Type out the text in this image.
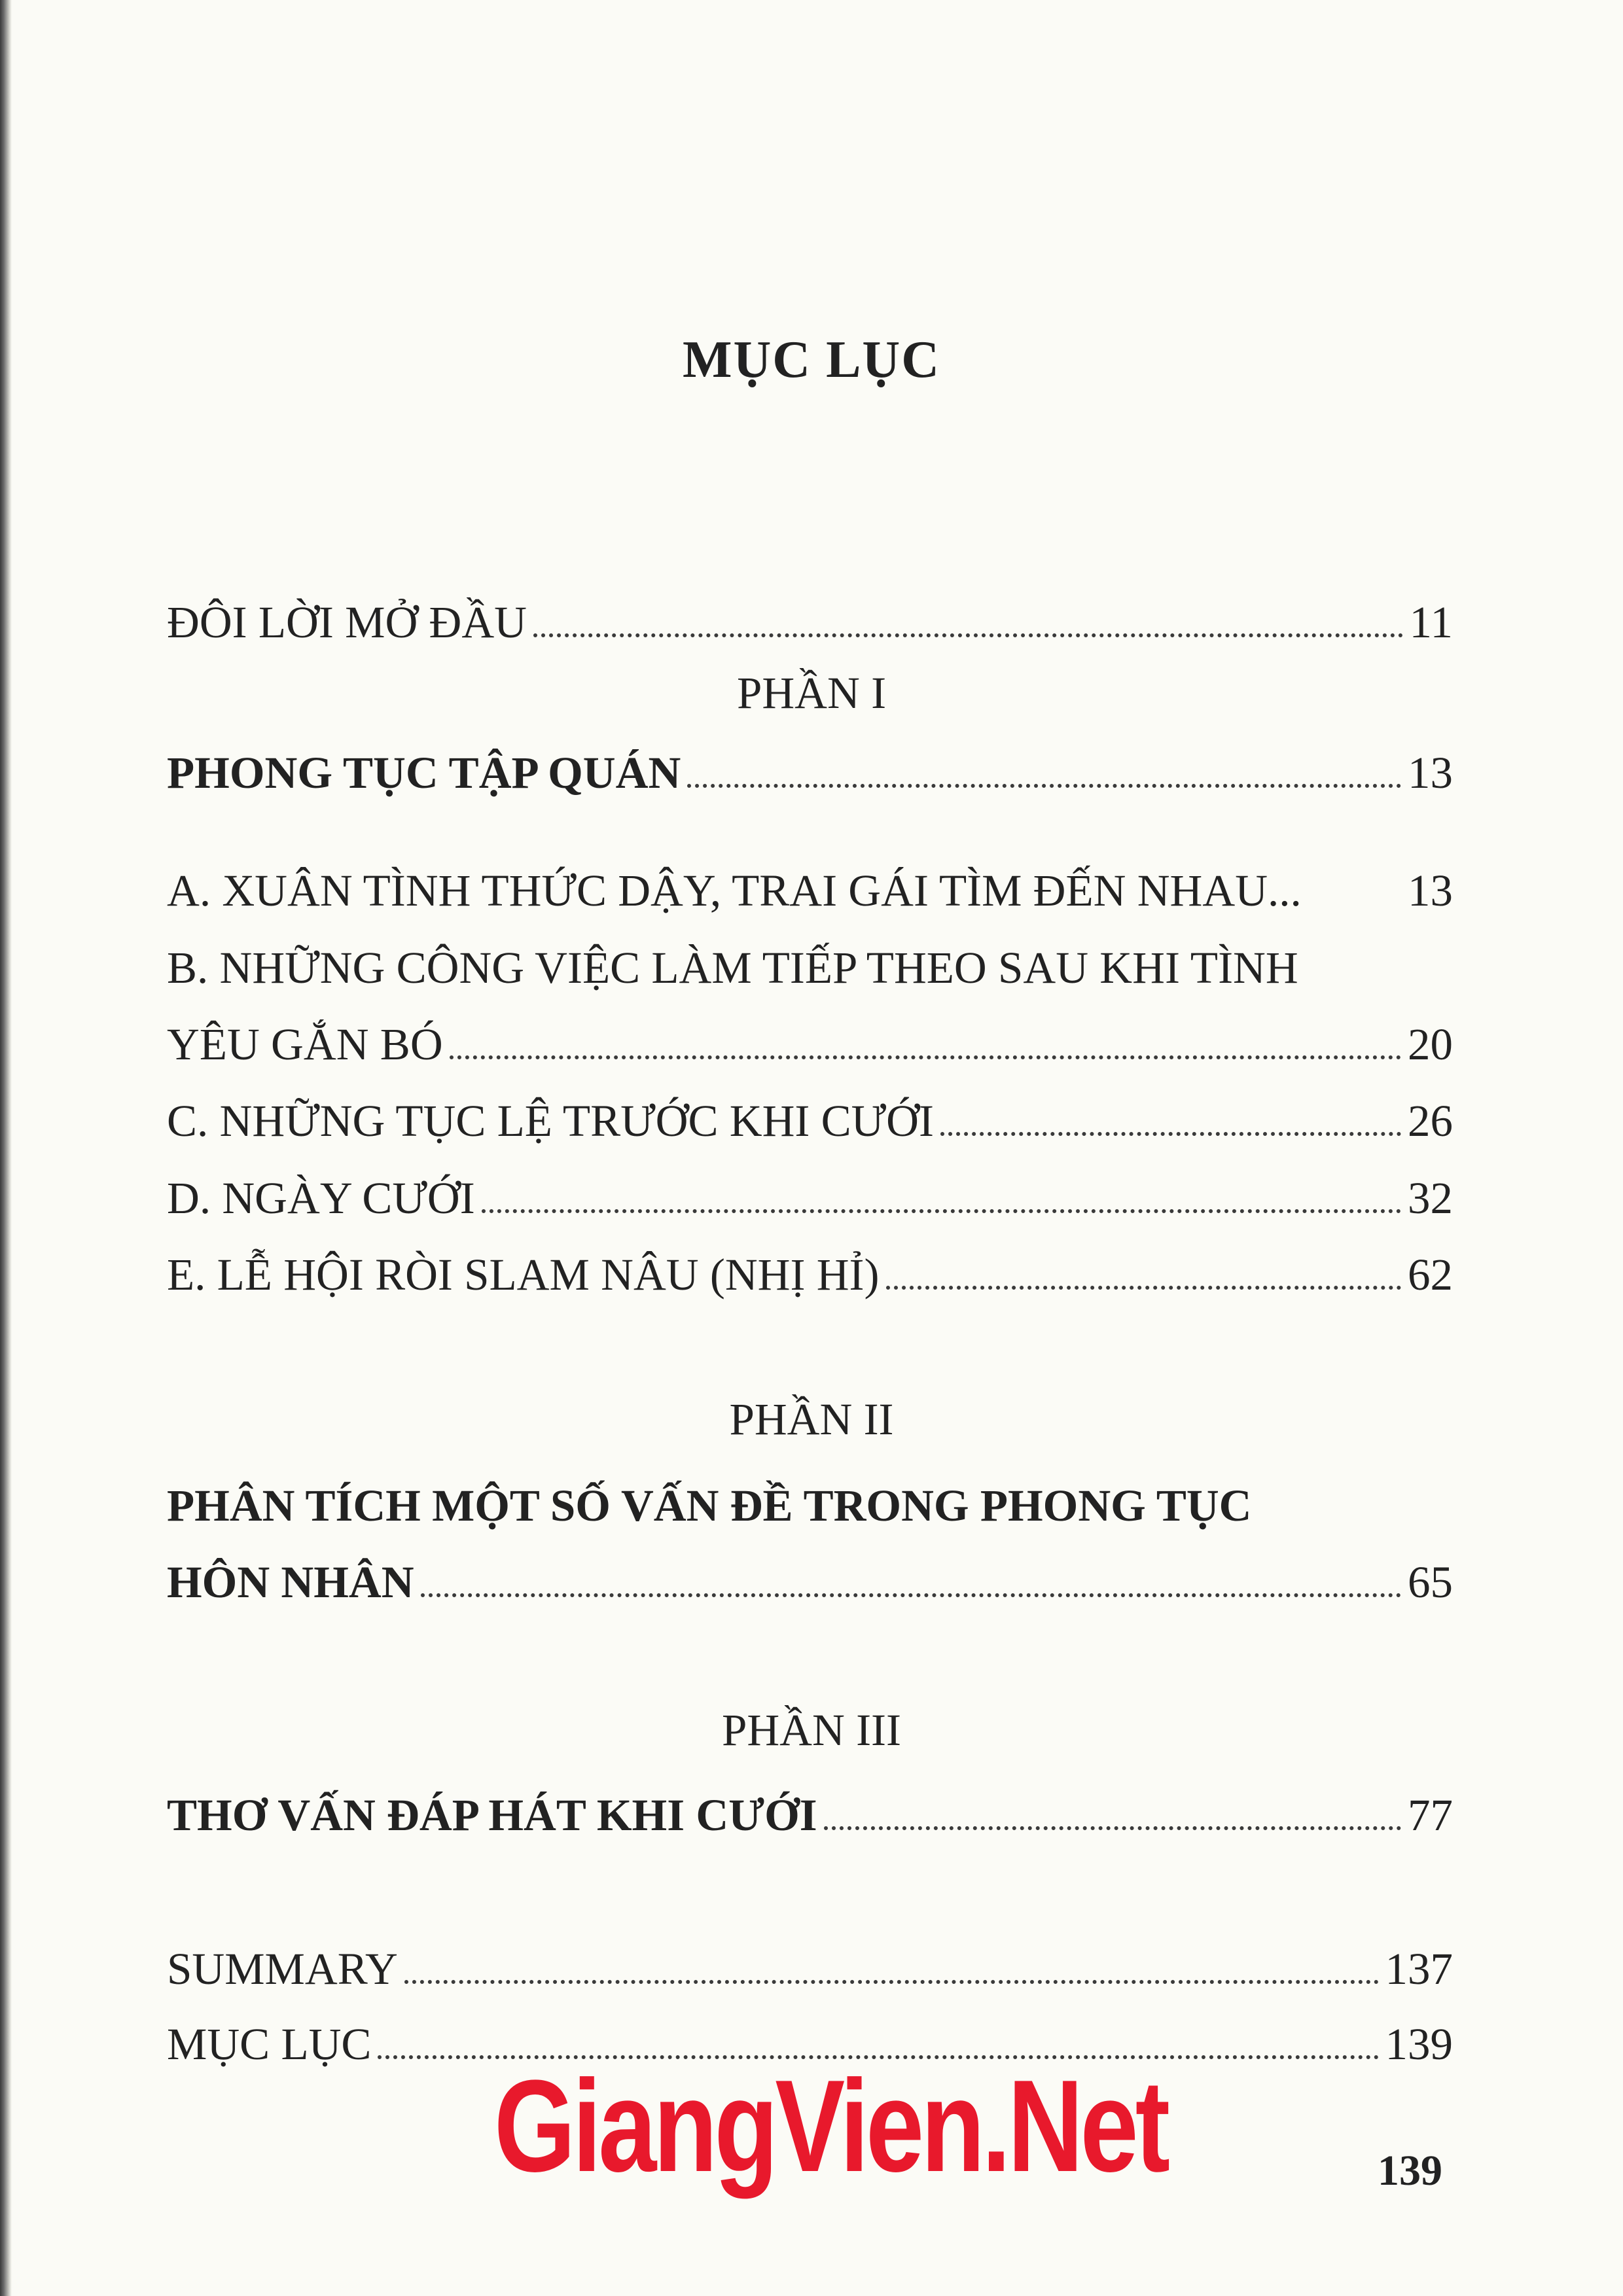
MỤC LỤC
ĐÔI LỜI MỞ ĐẦU	11
PHẦN I
PHONG TỤC TẬP QUÁN	13
A. XUÂN TÌNH THỨC DẬY, TRAI GÁI TÌM ĐẾN NHAU... 13
B. NHỮNG CÔNG VIỆC LÀM TIẾP THEO SAU KHI TÌNH
YÊU GẮN BÓ	20
C. NHỮNG TỤC LỆ TRƯỚC KHI CƯỚI	26
D. NGÀY CƯỚI	32
E. LỄ HỘI RÒI SLAM NÂU (NHỊ HỈ)	62
PHẦN II
PHÂN TÍCH MỘT SỐ VẤN ĐỀ TRONG PHONG TỤC
HÔN NHÂN	65
PHẦN III
THƠ VẤN ĐÁP HÁT KHI CƯỚI	77
SUMMARY	137
MỤC LỤC	139
GiangVien.Net	139
